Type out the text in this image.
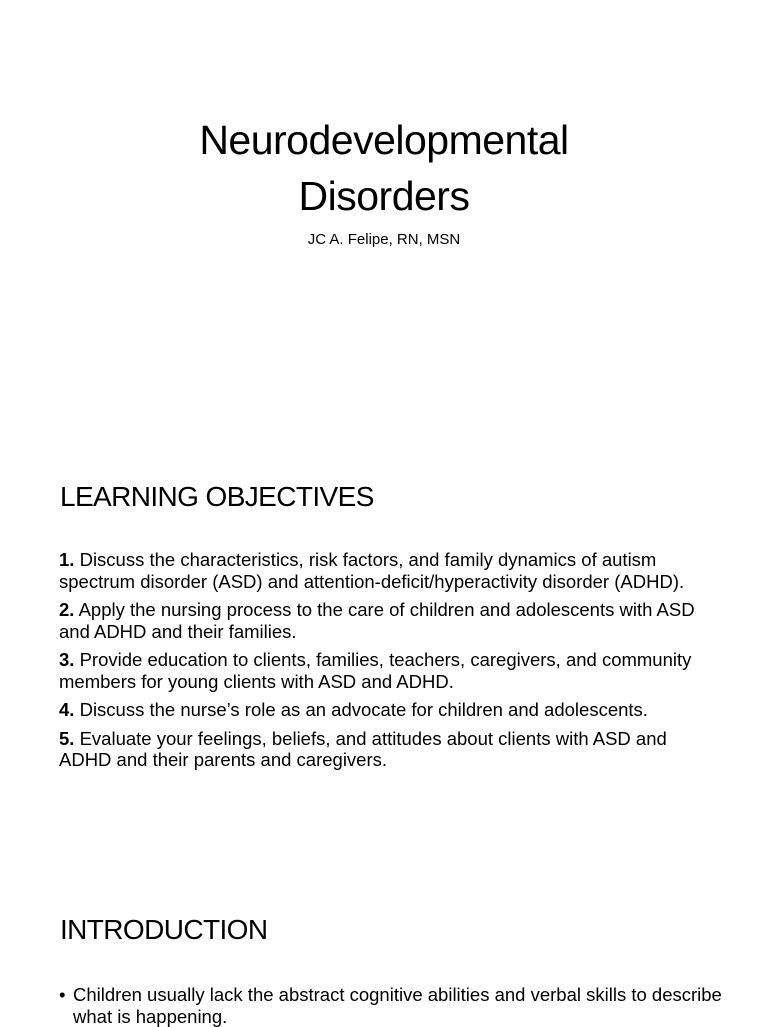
Neurodevelopmental
Disorders
JC A. Felipe, RN, MSN
LEARNING OBJECTIVES
1. Discuss the characteristics, risk factors, and family dynamics of autism spectrum disorder (ASD) and attention-deficit/hyperactivity disorder (ADHD).
2. Apply the nursing process to the care of children and adolescents with ASD and ADHD and their families.
3. Provide education to clients, families, teachers, caregivers, and community members for young clients with ASD and ADHD.
4. Discuss the nurse’s role as an advocate for children and adolescents.
5. Evaluate your feelings, beliefs, and attitudes about clients with ASD and ADHD and their parents and caregivers.
INTRODUCTION
• Children usually lack the abstract cognitive abilities and verbal skills to describe what is happening.
